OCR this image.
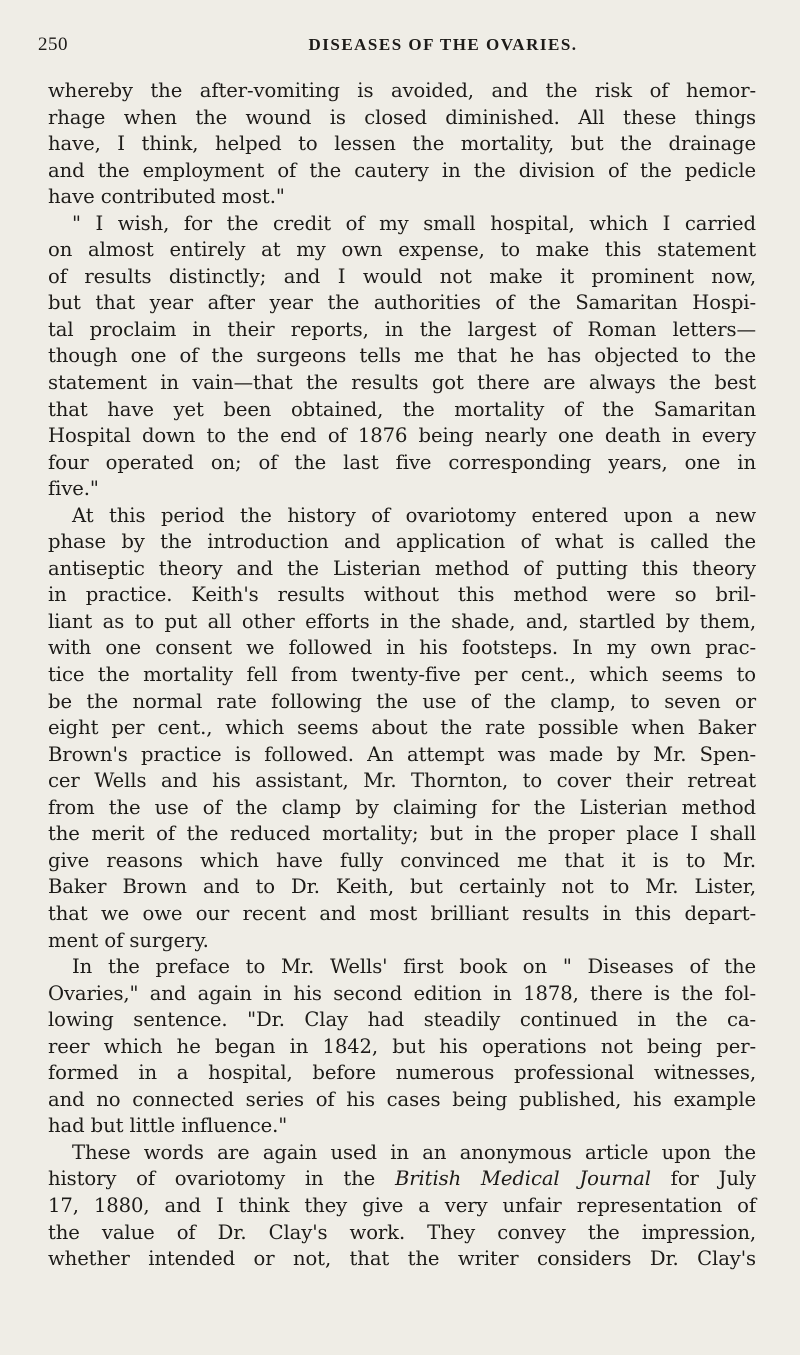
250	DISEASES OF THE OVARIES.
whereby the after-vomiting is avoided, and the risk of hemor-
rhage when the wound is closed diminished. All these things
have, I think, helped to lessen the mortality, but the drainage
and the employment of the cautery in the division of the pedicle
have contributed most."
" I wish, for the credit of my small hospital, which I carried
on almost entirely at my own expense, to make this statement
of results distinctly; and I would not make it prominent now,
but that year after year the authorities of the Samaritan Hospi-
tal proclaim in their reports, in the largest of Roman letters—
though one of the surgeons tells me that he has objected to the
statement in vain—that the results got there are always the best
that have yet been obtained, the mortality of the Samaritan
Hospital down to the end of 1876 being nearly one death in every
four operated on; of the last five corresponding years, one in
five."
At this period the history of ovariotomy entered upon a new
phase by the introduction and application of what is called the
antiseptic theory and the Listerian method of putting this theory
in practice. Keith's results without this method were so bril-
liant as to put all other efforts in the shade, and, startled by them,
with one consent we followed in his footsteps. In my own prac-
tice the mortality fell from twenty-five per cent., which seems to
be the normal rate following the use of the clamp, to seven or
eight per cent., which seems about the rate possible when Baker
Brown's practice is followed. An attempt was made by Mr. Spen-
cer Wells and his assistant, Mr. Thornton, to cover their retreat
from the use of the clamp by claiming for the Listerian method
the merit of the reduced mortality; but in the proper place I shall
give reasons which have fully convinced me that it is to Mr.
Baker Brown and to Dr. Keith, but certainly not to Mr. Lister,
that we owe our recent and most brilliant results in this depart-
ment of surgery.
In the preface to Mr. Wells' first book on " Diseases of the
Ovaries," and again in his second edition in 1878, there is the fol-
lowing sentence. "Dr. Clay had steadily continued in the ca-
reer which he began in 1842, but his operations not being per-
formed in a hospital, before numerous professional witnesses,
and no connected series of his cases being published, his example
had but little influence."
These words are again used in an anonymous article upon the
history of ovariotomy in the British Medical Journal for July
17, 1880, and I think they give a very unfair representation of
the value of Dr. Clay's work. They convey the impression,
whether intended or not, that the writer considers Dr. Clay's
